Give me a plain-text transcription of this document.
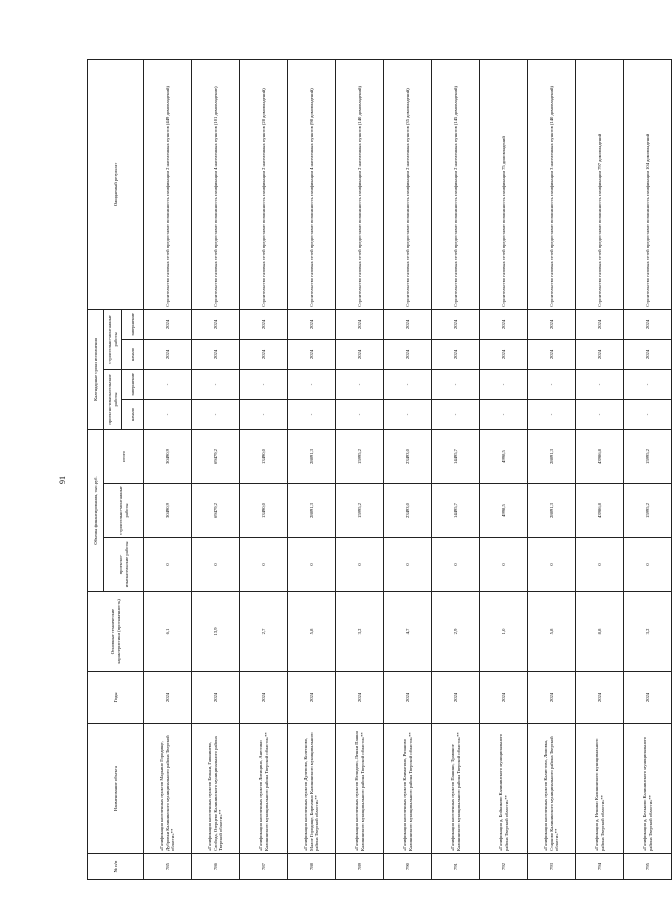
91
№ п/п	Наименование объекта	Годы	Основные технические характеристики (протяженность)	Объемы финансирования, тыс.руб.			Календарные сроки исполнения				Ожидаемый результат
				проектно-изыскательские работы	строительно-монтажные работы	итого	проектно-изыскательские работы		строительно-монтажные работы		
							начало	завершение	начало	завершение	
785	«Газификация населенных пунктов Марьино Городище, Дубровки Калининского муниципального района Тверской области»**	2024	6,1	0	30490,9	30490,9	-	-	2024	2024	Строительство газовых сетей предоставит возможность газификации 2 населенных пунктов (449 домовладений)
786	«Газификация населенных пунктов Бельки, Гавшинево, Слобода, Озерцево Калининского муниципального района Тверской области»**	2024	13,9	0	69479,2	69479,2	-	-	2024	2024	Строительство газовых сетей предоставит возможность газификации 4 населенных пунктов (101 домовладение)
787	«Газификация населенных пунктов Лисицино, Анютино Калининского муниципального района Тверской области»**	2024	2,7	0	13490,0	13490,0	-	-	2024	2024	Строительство газовых сетей предоставит возможность газификации 2 населенных пунктов (28 домовладений)
788	«Газификация населенных пунктов Дулепово, Колесново, Малое Городище, Бирюлино Калининского муниципального района Тверской области»**	2024	5,8	0	28891,3	28891,3	-	-	2024	2024	Строительство газовых сетей предоставит возможность газификации 4 населенных пунктов (98 домовладений)
789	«Газификация населенных пунктов Нелидово, Лешки Пашня Калининского муниципального района Тверской области»**	2024	3,2	0	15995,2	15995,2	-	-	2024	2024	Строительство газовых сетей предоставит возможность газификации 2 населенных пунктов (140 домовладений)
790	«Газификация населенных пунктов Климатино, Рязаново Калининского муниципального района Тверской области»**	2024	4,7	0	23493,0	23493,0	-	-	2024	2024	Строительство газовых сетей предоставит возможность газификации 2 населенных пунктов (35 домовладений)
791	«Газификация населенных пунктов Пашино, Травяное Калининского муниципального района Тверской области»**	2024	2,9	0	14495,7	14495,7	-	-	2024	2024	Строительство газовых сетей предоставит возможность газификации 2 населенных пунктов (145 домовладений)
792	«Газификация д. Бойкиково Калининского муниципального района Тверской области»**	2024	1,0	0	4998,5	4998,5	-	-	2024	2024	Строительство газовых сетей предоставит возможность газификации 75 домовладений
793	«Газификация населенных пунктов Калистово, Ломовка, Старково Калининского муниципального района Тверской области»**	2024	5,8	0	28891,3	28891,3	-	-	2024	2024	Строительство газовых сетей предоставит возможность газификации 3 населенных пунктов (140 домовладений)
794	«Газификация д. Нешино Калининского муниципального района Тверской области»**	2024	8,8	0	43986,8	43986,8	-	-	2024	2024	Строительство газовых сетей предоставит возможность газификации 797 домовладений
795	«Газификация д. Бельково Калининского муниципального района Тверской области»**	2024	3,2	0	15995,2	15995,2	-	-	2024	2024	Строительство газовых сетей предоставит возможность газификации 104 домовладений
